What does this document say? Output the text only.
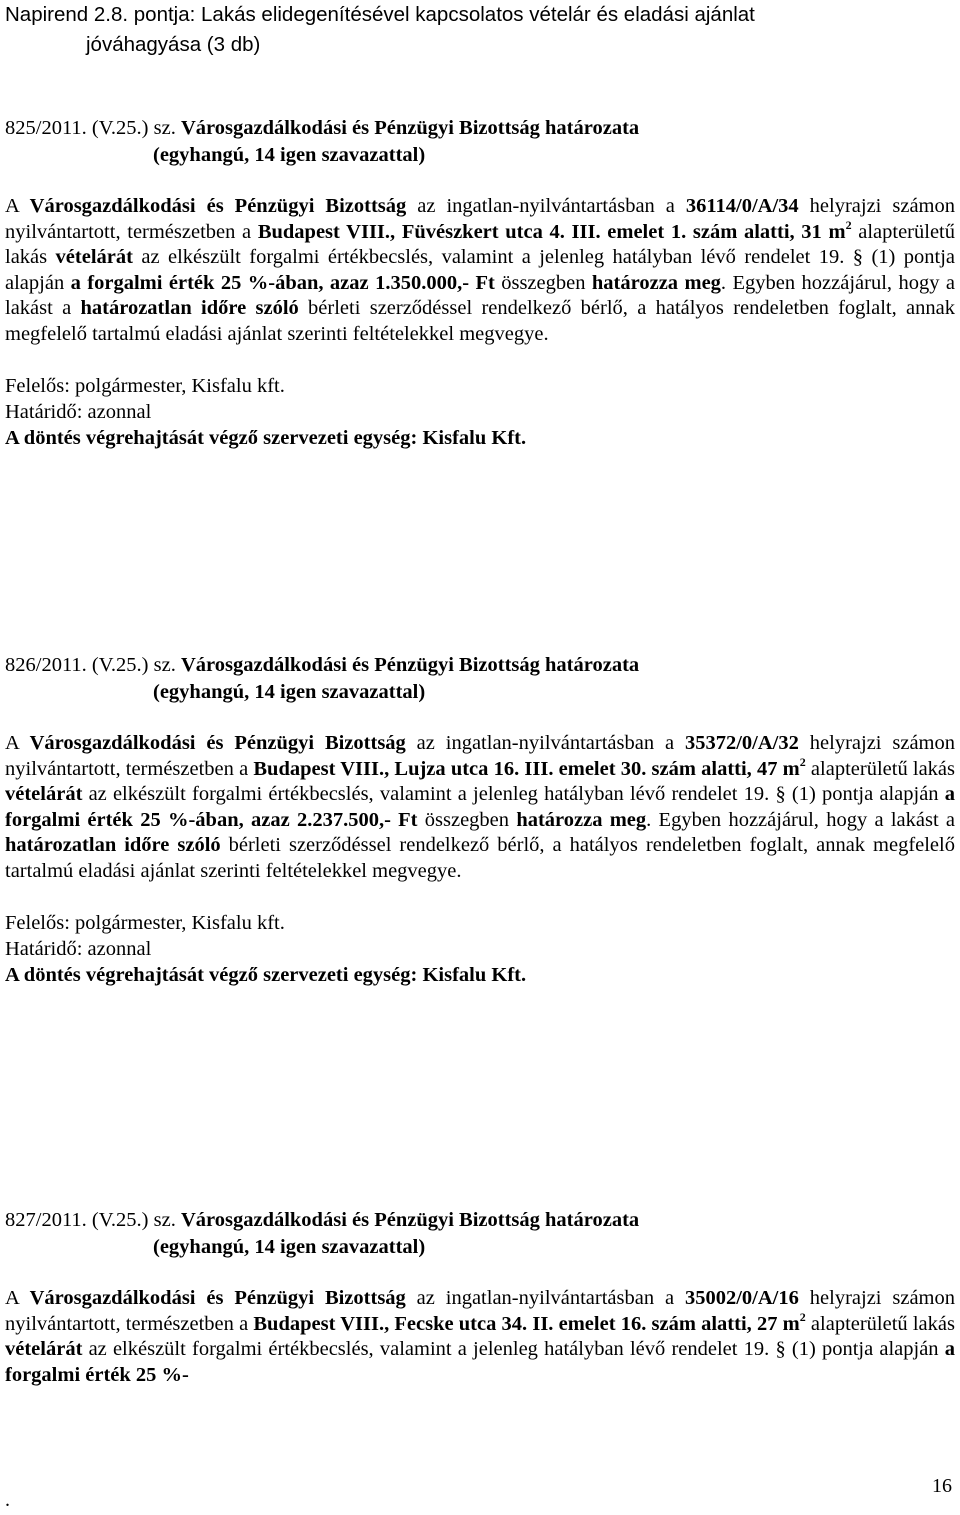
Napirend 2.8. pontja: Lakás elidegenítésével kapcsolatos vételár és eladási ajánlat
jóváhagyása (3 db)
825/2011. (V.25.) sz. Városgazdálkodási és Pénzügyi Bizottság határozata
(egyhangú, 14 igen szavazattal)
A Városgazdálkodási és Pénzügyi Bizottság az ingatlan-nyilvántartásban a 36114/0/A/34 helyrajzi számon nyilvántartott, természetben a Budapest VIII., Füvészkert utca 4. III. emelet 1. szám alatti, 31 $m^2$ alapterületű lakás vételárát az elkészült forgalmi értékbecslés, valamint a jelenleg hatályban lévő rendelet 19. § (1) pontja alapján a forgalmi érték 25 %-ában, azaz 1.350.000,- Ft összegben határozza meg. Egyben hozzájárul, hogy a lakást a határozatlan időre szóló bérleti szerződéssel rendelkező bérlő, a hatályos rendeletben foglalt, annak megfelelő tartalmú eladási ajánlat szerinti feltételekkel megvegye.
Felelős: polgármester, Kisfalu kft.
Határidő: azonnal
A döntés végrehajtását végző szervezeti egység: Kisfalu Kft.
826/2011. (V.25.) sz. Városgazdálkodási és Pénzügyi Bizottság határozata
(egyhangú, 14 igen szavazattal)
A Városgazdálkodási és Pénzügyi Bizottság az ingatlan-nyilvántartásban a 35372/0/A/32 helyrajzi számon nyilvántartott, természetben a Budapest VIII., Lujza utca 16. III. emelet 30. szám alatti, 47 $m^2$ alapterületű lakás vételárát az elkészült forgalmi értékbecslés, valamint a jelenleg hatályban lévő rendelet 19. § (1) pontja alapján a forgalmi érték 25 %-ában, azaz 2.237.500,- Ft összegben határozza meg. Egyben hozzájárul, hogy a lakást a határozatlan időre szóló bérleti szerződéssel rendelkező bérlő, a hatályos rendeletben foglalt, annak megfelelő tartalmú eladási ajánlat szerinti feltételekkel megvegye.
Felelős: polgármester, Kisfalu kft.
Határidő: azonnal
A döntés végrehajtását végző szervezeti egység: Kisfalu Kft.
827/2011. (V.25.) sz. Városgazdálkodási és Pénzügyi Bizottság határozata
(egyhangú, 14 igen szavazattal)
A Városgazdálkodási és Pénzügyi Bizottság az ingatlan-nyilvántartásban a 35002/0/A/16 helyrajzi számon nyilvántartott, természetben a Budapest VIII., Fecske utca 34. II. emelet 16. szám alatti, 27 $m^2$ alapterületű lakás vételárát az elkészült forgalmi értékbecslés, valamint a jelenleg hatályban lévő rendelet 19. § (1) pontja alapján a forgalmi érték 25 %-
16
.
